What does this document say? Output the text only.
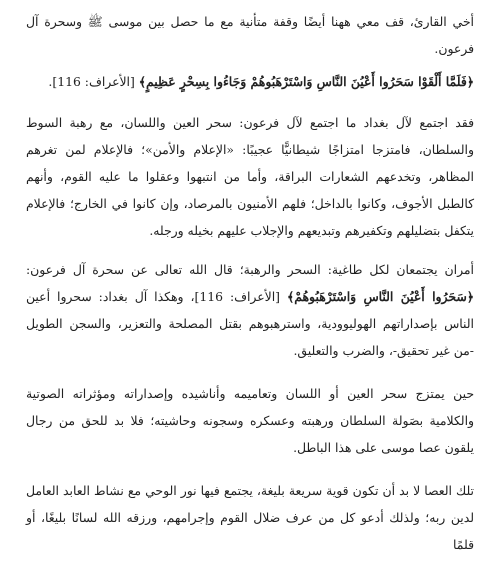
أخي القارئ، قف معي ههنا أيضًا وقفة متأنية مع ما حصل بين موسى ﷺ وسحرة آل فرعون.

﴿فَلَمَّا أَلْقَوْا سَحَرُوا أَعْيُنَ النَّاسِ وَاسْتَرْهَبُوهُمْ وَجَاءُوا بِسِحْرٍ عَظِيمٍ﴾ [الأعراف: 116].

فقد اجتمع لآل بغداد ما اجتمع لآل فرعون: سحر العين واللسان، مع رهبة السوط والسلطان، فامتزجا امتزاجًا شيطانيًّا عجيبًا: «الإعلام والأمن»؛ فالإعلام لمن تغرهم المظاهر، وتخدعهم الشعارات البراقة، وأما من انتبهوا وعقلوا ما عليه القوم، وأنهم كالطبل الأجوف، وكانوا بالداخل؛ فلهم الأمنيون بالمرصاد، وإن كانوا في الخارج؛ فالإعلام يتكفل بتضليلهم وتكفيرهم وتبديعهم والإجلاب عليهم بخيله ورجله.

أمران يجتمعان لكل طاغية: السحر والرهبة؛ قال الله تعالى عن سحرة آل فرعون: ﴿سَحَرُوا أَعْيُنَ النَّاسِ وَاسْتَرْهَبُوهُمْ﴾ [الأعراف: 116]، وهكذا آل بغداد: سحروا أعين الناس بإصداراتهم الهوليوودية، واسترهبوهم بقتل المصلحة والتعزير، والسجن الطويل -من غير تحقيق-، والضرب والتعليق.

حين يمتزج سحر العين أو اللسان وتعاميمه وأناشيده وإصداراته ومؤثراته الصوتية والكلامية بصَولة السلطان ورهبته وعسكره وسجونه وحاشيته؛ فلا بد للحق من رجال يلقون عصا موسى على هذا الباطل.

تلك العصا لا بد أن تكون قوية سريعة بليغة، يجتمع فيها نور الوحي مع نشاط العابد العامل لدين ربه؛ ولذلك أدعو كل من عرف ضلال القوم وإجرامهم، ورزقه الله لسانًا بليغًا، أو قلمًا
